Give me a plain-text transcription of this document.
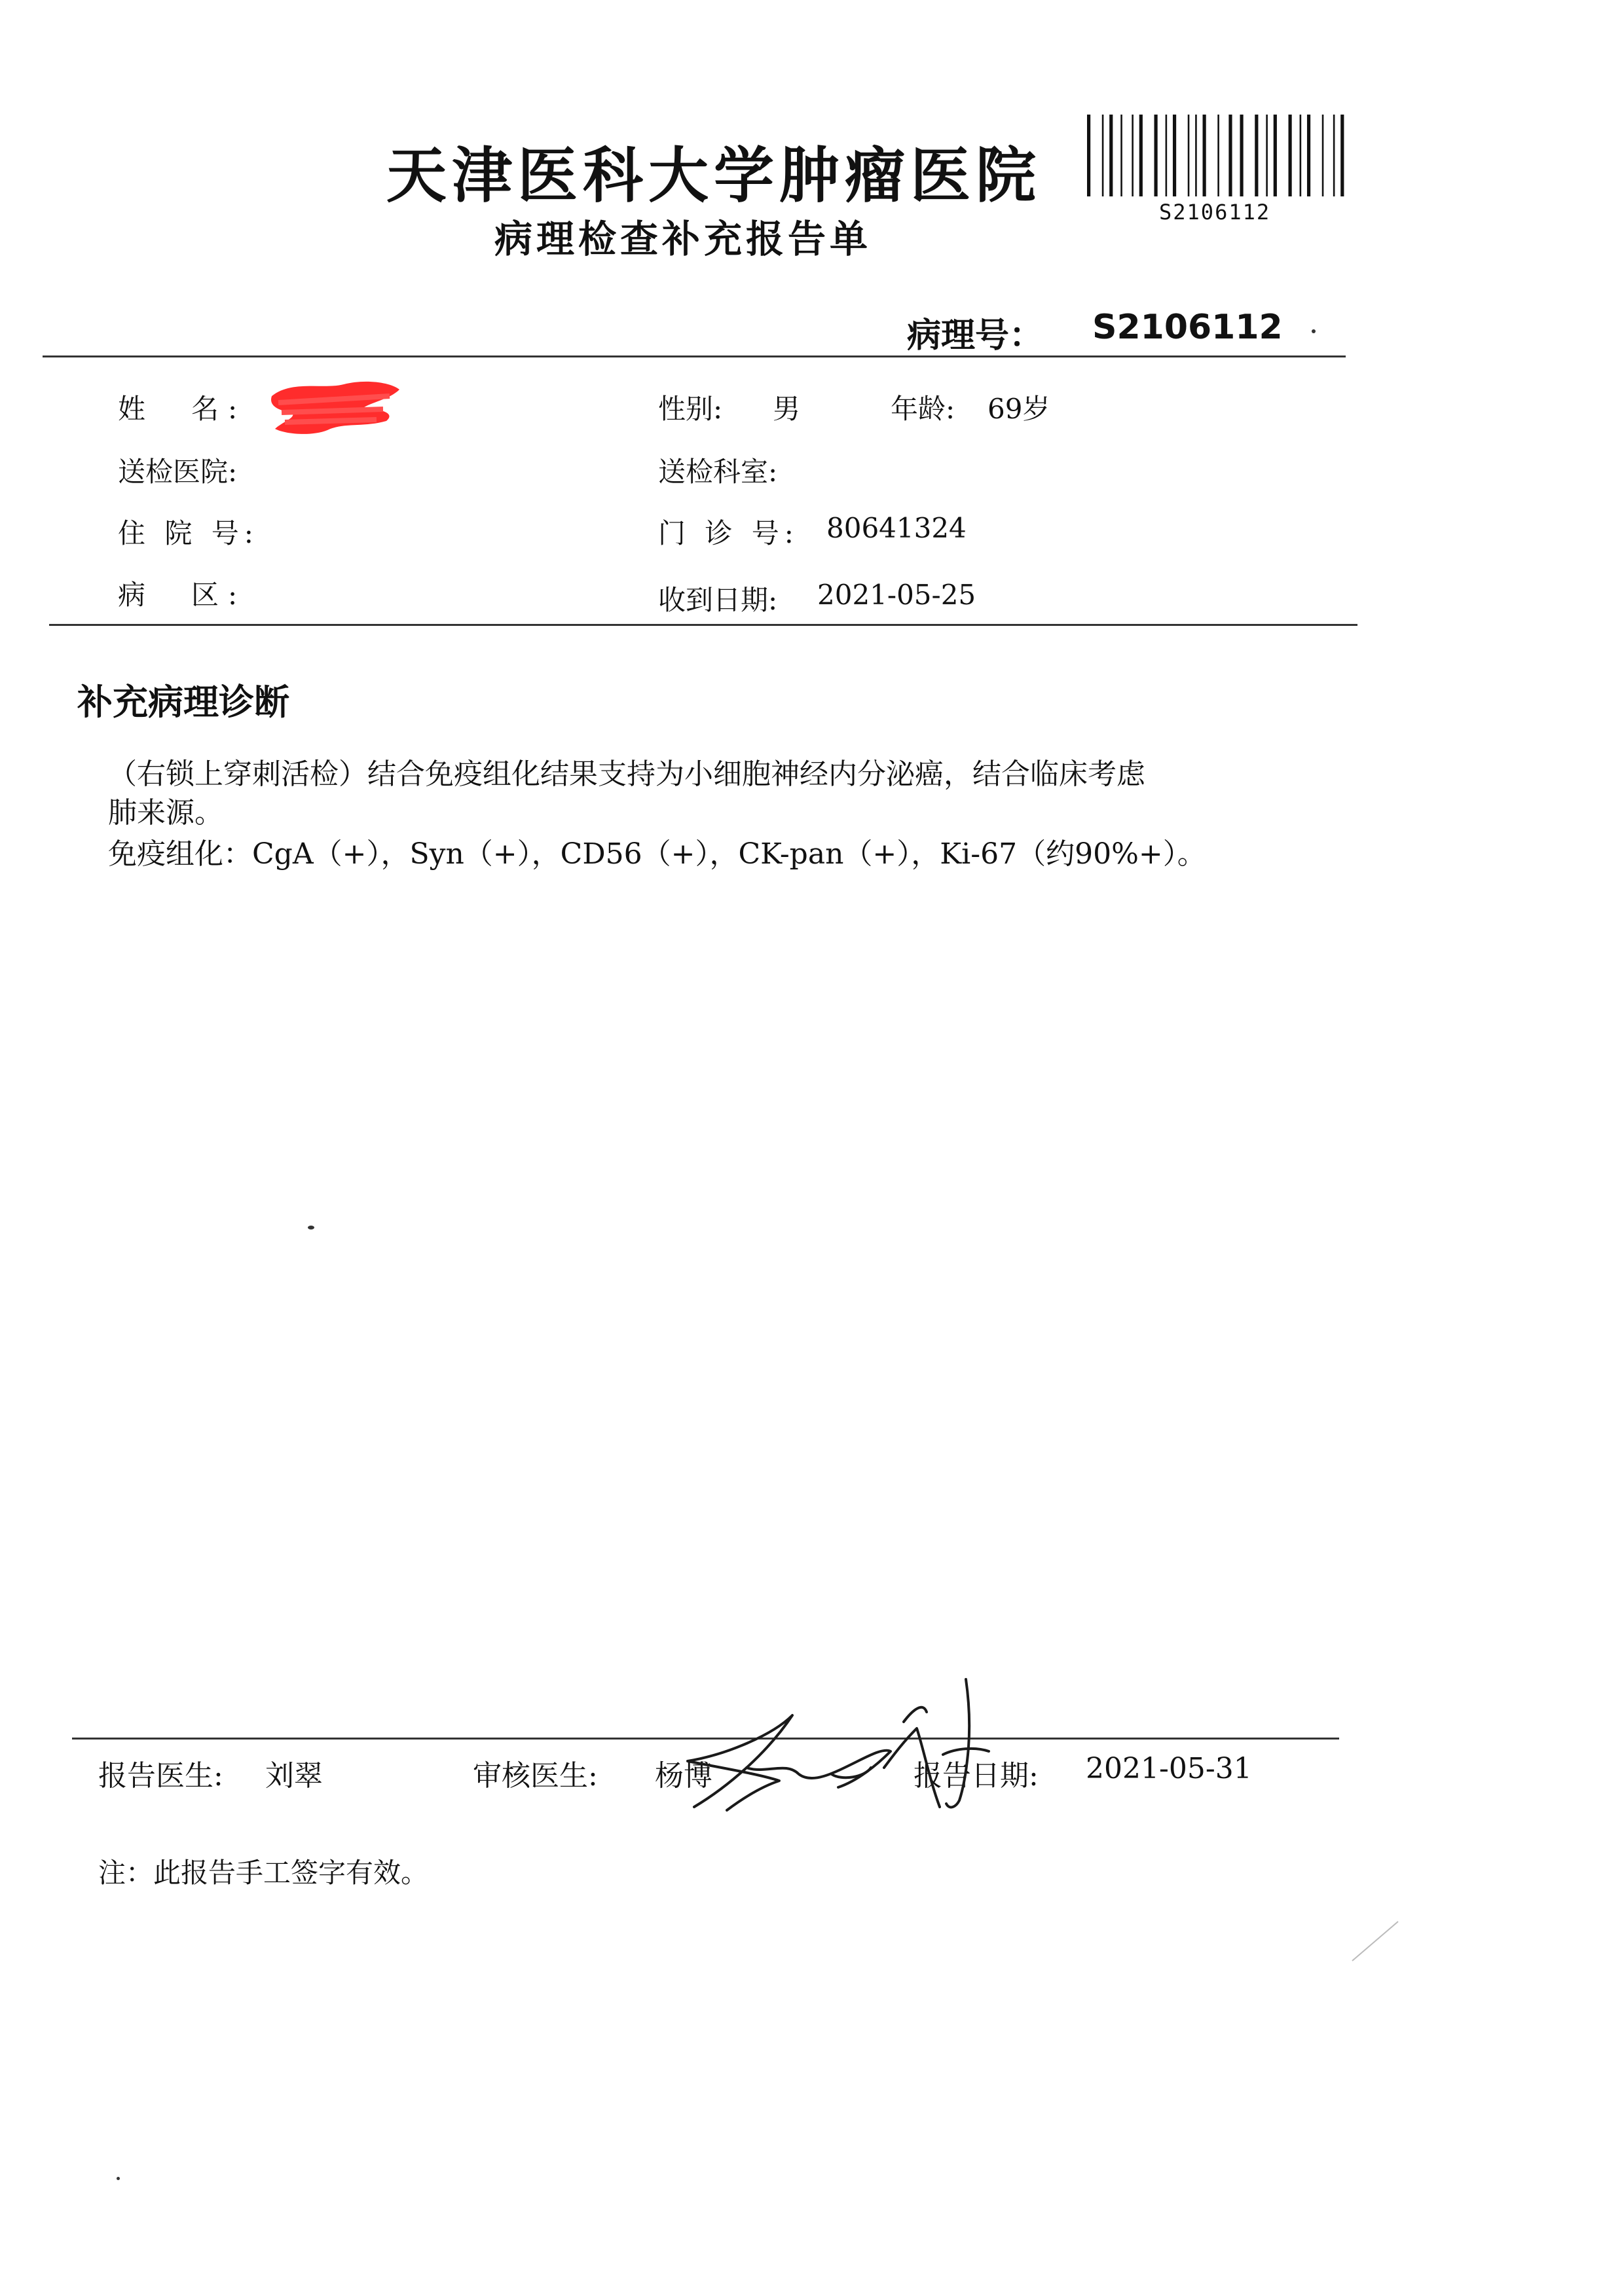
天津医科大学肿瘤医院
病理检查补充报告单
S2106112
病理号： S2106112
姓　名:	性别: 男	年龄: 69岁
送检医院:	送检科室:
住 院 号:	门 诊 号: 80641324
病　区:	收到日期: 2021-05-25
补充病理诊断
（右锁上穿刺活检）结合免疫组化结果支持为小细胞神经内分泌癌，结合临床考虑
肺来源。
免疫组化：CgA（+），Syn（+），CD56（+），CK-pan（+），Ki-67（约90%+）。
报告医生: 刘翠	审核医生: 杨博	报告日期: 2021-05-31
注：此报告手工签字有效。
